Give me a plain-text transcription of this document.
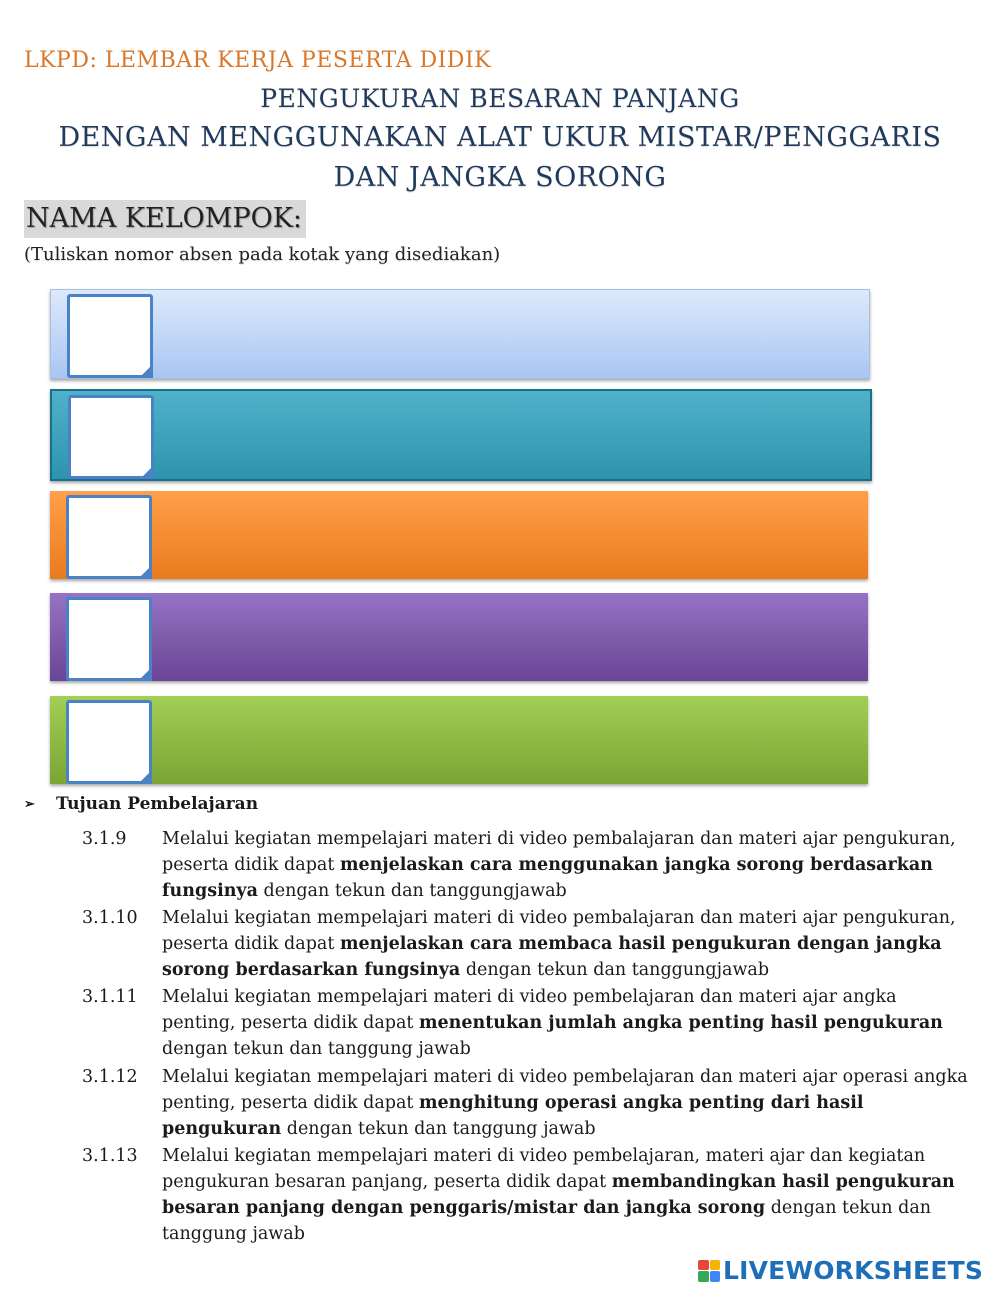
LKPD: LEMBAR KERJA PESERTA DIDIK
PENGUKURAN BESARAN PANJANG
DENGAN MENGGUNAKAN ALAT UKUR MISTAR/PENGGARIS
DAN JANGKA SORONG
NAMA KELOMPOK:
(Tuliskan nomor absen pada kotak yang disediakan)
➢	Tujuan Pembelajaran
3.1.9	Melalui kegiatan mempelajari materi di video pembalajaran dan materi ajar pengukuran, peserta didik dapat menjelaskan cara menggunakan jangka sorong berdasarkan fungsinya dengan tekun dan tanggungjawab
3.1.10	Melalui kegiatan mempelajari materi di video pembalajaran dan materi ajar pengukuran, peserta didik dapat menjelaskan cara membaca hasil pengukuran dengan jangka sorong berdasarkan fungsinya dengan tekun dan tanggungjawab
3.1.11	Melalui kegiatan mempelajari materi di video pembelajaran dan materi ajar angka penting, peserta didik dapat menentukan jumlah angka penting hasil pengukuran dengan tekun dan tanggung jawab
3.1.12	Melalui kegiatan mempelajari materi di video pembelajaran dan materi ajar operasi angka penting, peserta didik dapat menghitung operasi angka penting dari hasil pengukuran dengan tekun dan tanggung jawab
3.1.13	Melalui kegiatan mempelajari materi di video pembelajaran, materi ajar dan kegiatan pengukuran besaran panjang, peserta didik dapat membandingkan hasil pengukuran besaran panjang dengan penggaris/mistar dan jangka sorong dengan tekun dan tanggung jawab
LIVEWORKSHEETS
